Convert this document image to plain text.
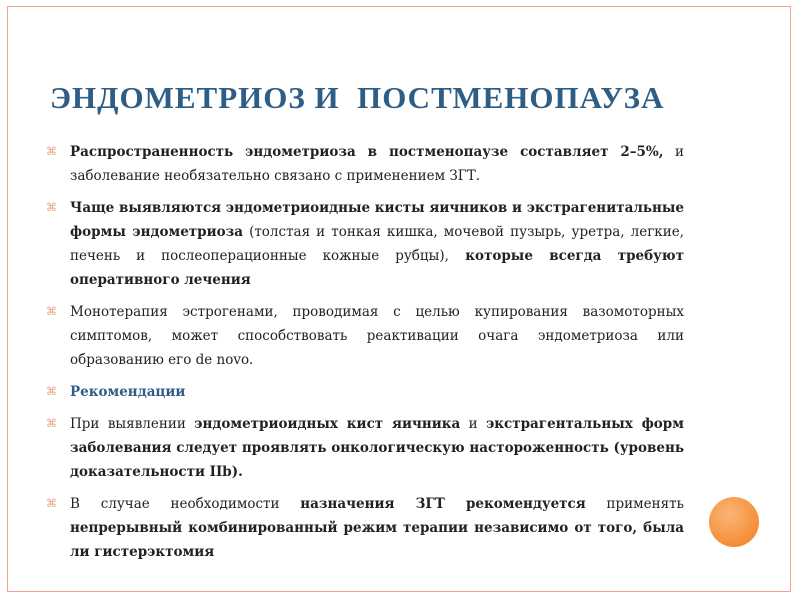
ЭНДОМЕТРИОЗ И  ПОСТМЕНОПАУЗА
⌘ Распространенность эндометриоза в постменопаузе составляет 2–5%, и заболевание необязательно связано с применением ЗГТ.
⌘ Чаще выявляются эндометриоидные кисты яичников и экстрагенитальные формы эндометриоза (толстая и тонкая кишка, мочевой пузырь, уретра, легкие, печень и послеоперационные кожные рубцы), которые всегда требуют оперативного лечения
⌘ Монотерапия эстрогенами, проводимая с целью купирования вазомоторных симптомов, может способствовать реактивации очага эндометриоза или образованию его de novo.
⌘ Рекомендации
⌘ При выявлении эндометриоидных кист яичника и экстрагентальных форм заболевания следует проявлять онкологическую настороженность (уровень доказательности IIb).
⌘ В случае необходимости назначения ЗГТ рекомендуется применять непрерывный комбинированный режим терапии независимо от того, была ли гистерэктомия
